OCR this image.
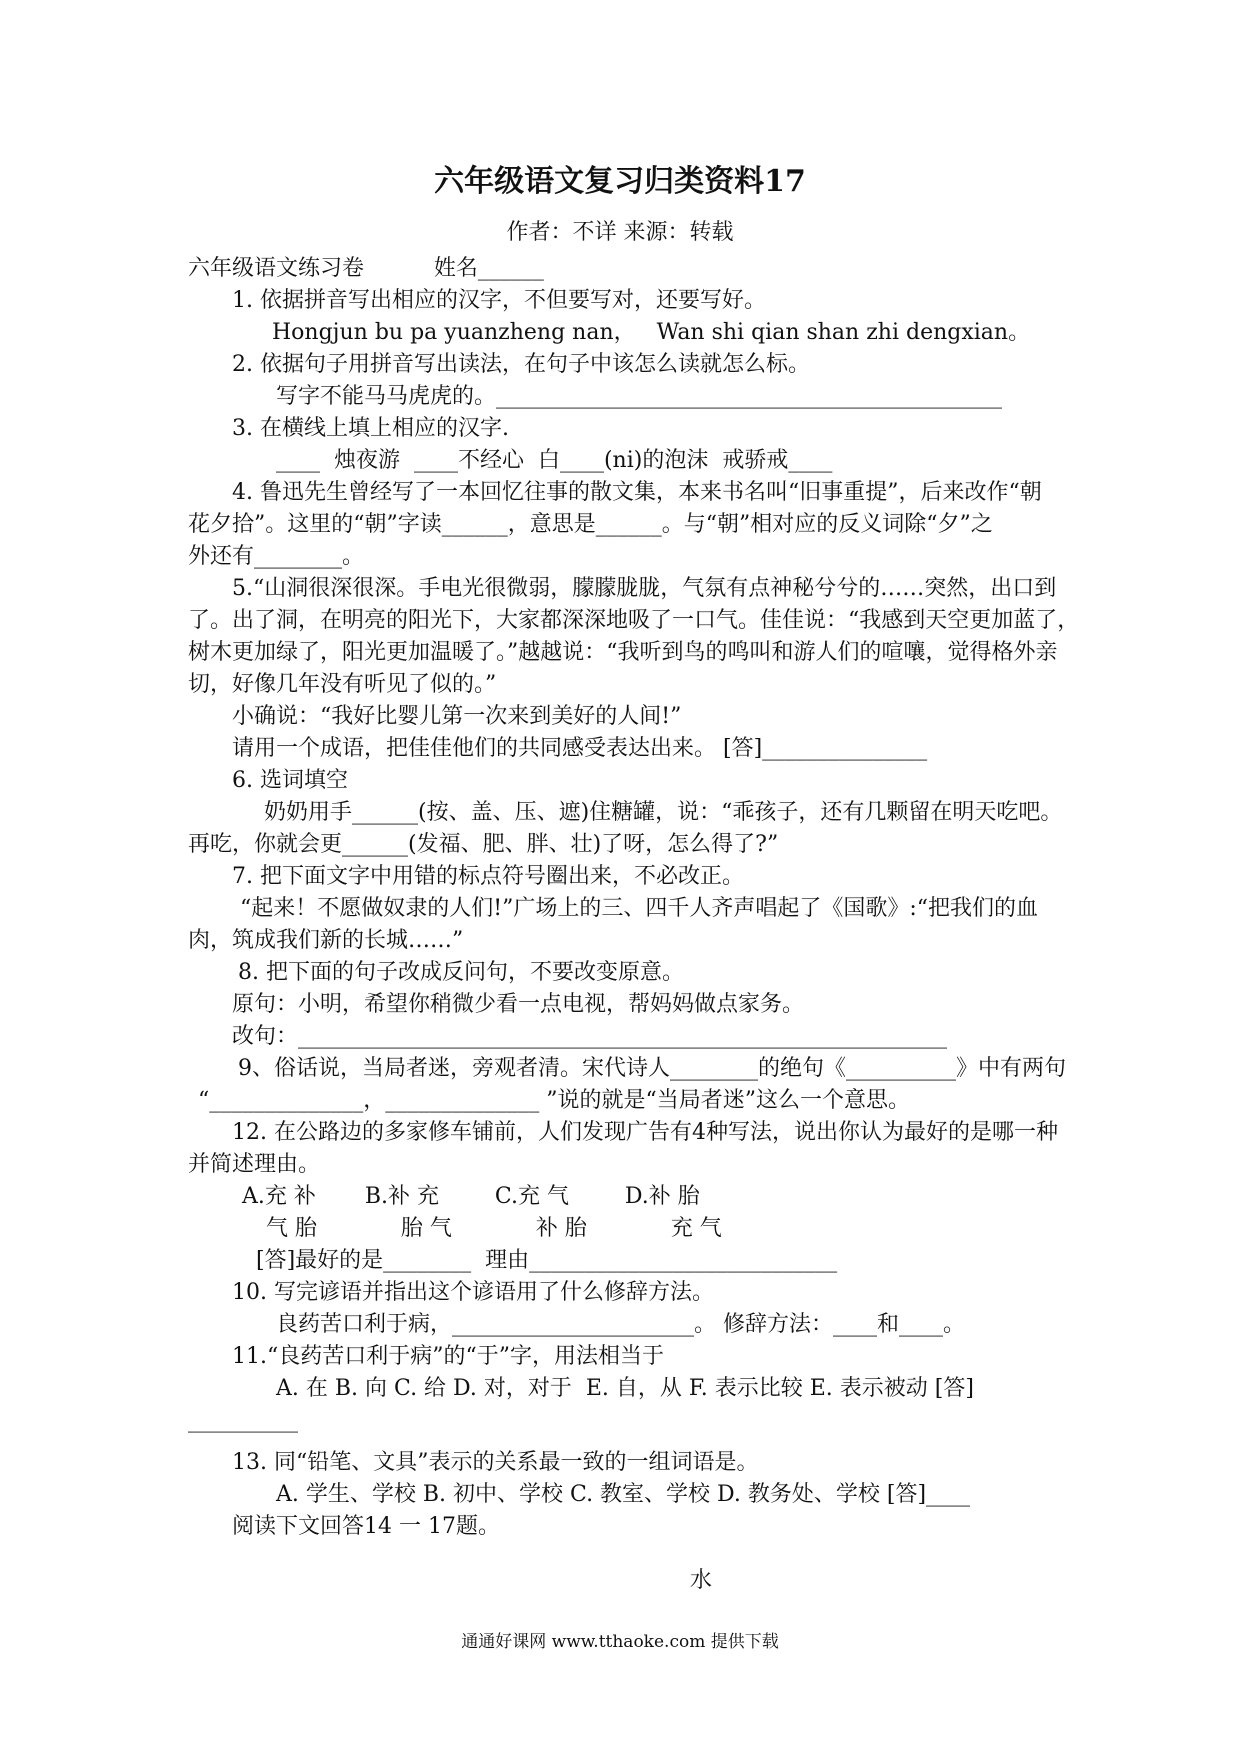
六年级语文复习归类资料17
作者：不详 来源：转载
六年级语文练习卷          姓名______
1. 依据拼音写出相应的汉字，不但要写对，还要写好。
Hongjun bu pa yuanzheng nan，   Wan shi qian shan zhi dengxian。
2. 依据句子用拼音写出读法，在句子中该怎么读就怎么标。
写字不能马马虎虎的。______________________________________________
3. 在横线上填上相应的汉字.
____  烛夜游  ____不经心  白____(ni)的泡沫  戒骄戒____
4. 鲁迅先生曾经写了一本回忆往事的散文集，本来书名叫“旧事重提”，后来改作“朝
花夕拾”。这里的“朝”字读______，意思是______。与“朝”相对应的反义词除“夕”之
外还有________。
5.“山洞很深很深。手电光很微弱，朦朦胧胧，气氛有点神秘兮兮的……突然，出口到
了。出了洞，在明亮的阳光下，大家都深深地吸了一口气。佳佳说：“我感到天空更加蓝了，
树木更加绿了，阳光更加温暖了。”越越说：“我听到鸟的鸣叫和游人们的喧嚷，觉得格外亲
切，好像几年没有听见了似的。”
小确说：“我好比婴儿第一次来到美好的人间!”
请用一个成语，把佳佳他们的共同感受表达出来。 [答]_______________
6. 选词填空
奶奶用手______(按、盖、压、遮)住糖罐，说：“乖孩子，还有几颗留在明天吃吧。
再吃，你就会更______(发福、肥、胖、壮)了呀，怎么得了?”
7. 把下面文字中用错的标点符号圈出来，不必改正。
“起来！不愿做奴隶的人们!”广场上的三、四千人齐声唱起了《国歌》:“把我们的血
肉，筑成我们新的长城……”
8. 把下面的句子改成反问句，不要改变原意。
原句：小明，希望你稍微少看一点电视，帮妈妈做点家务。
改句：___________________________________________________________
9、俗话说，当局者迷，旁观者清。宋代诗人________的绝句《__________》中有两句
“______________，______________ ”说的就是“当局者迷”这么一个意思。
12. 在公路边的多家修车铺前，人们发现广告有4种写法，说出你认为最好的是哪一种
并简述理由。
A.充 补       B.补 充        C.充 气        D.补 胎
气 胎            胎 气            补 胎            充 气
[答]最好的是________  理由____________________________
10. 写完谚语并指出这个谚语用了什么修辞方法。
良药苦口利于病，______________________。 修辞方法：____和____。
11.“良药苦口利于病”的“于”字，用法相当于
A. 在 B. 向 C. 给 D. 对，对于  E. 自，从 F. 表示比较 E. 表示被动 [答]
__________
13. 同“铅笔、文具”表示的关系最一致的一组词语是。
A. 学生、学校 B. 初中、学校 C. 教室、学校 D. 教务处、学校 [答]____
阅读下文回答14 一 17题。
水
通通好课网 www.tthaoke.com 提供下载
